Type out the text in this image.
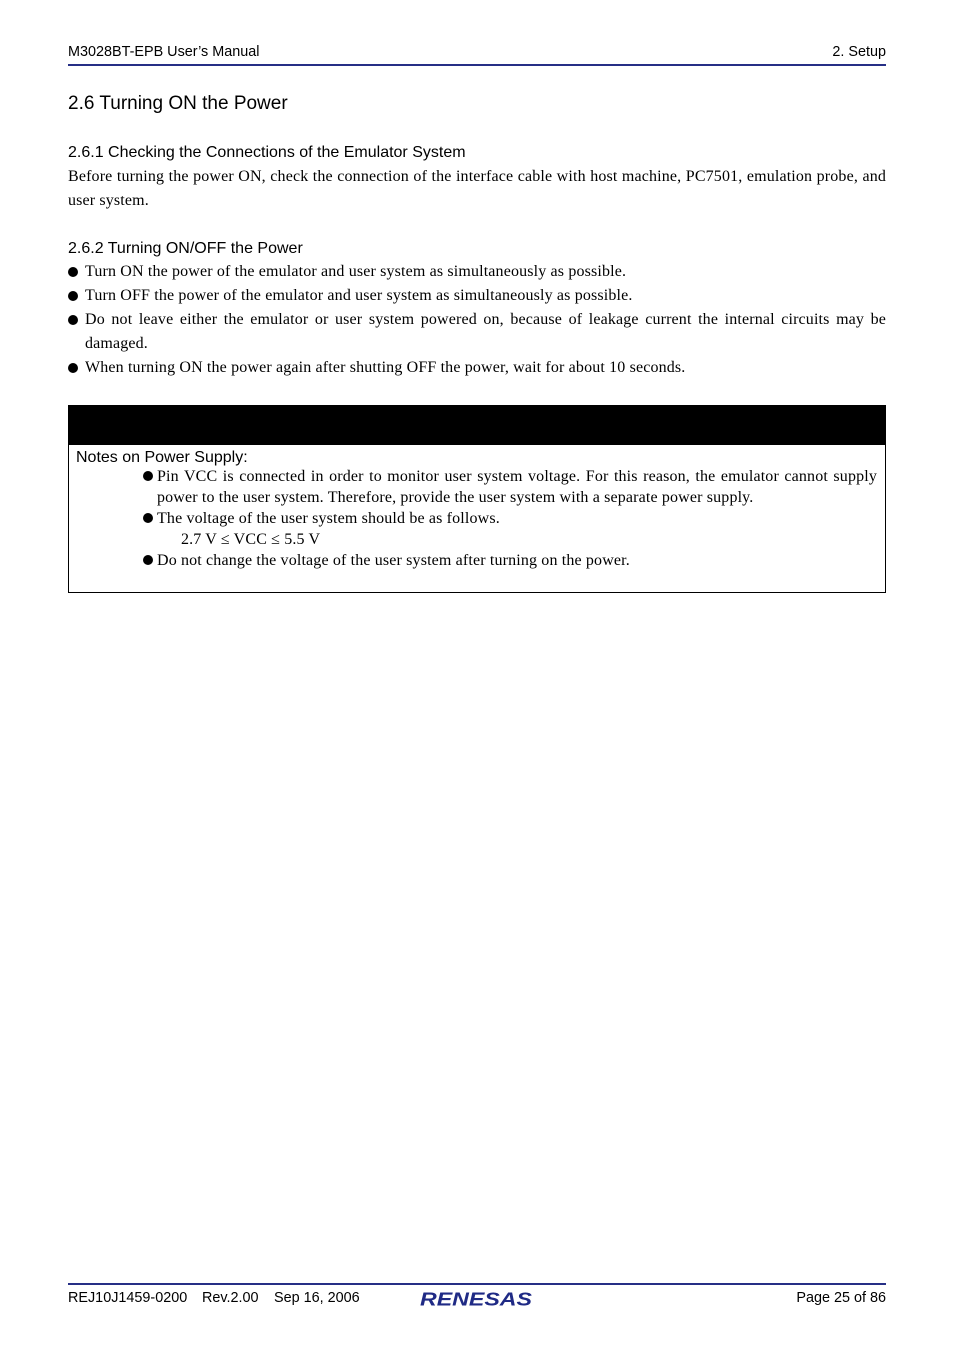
M3028BT-EPB User’s Manual	2. Setup
2.6 Turning ON the Power
2.6.1 Checking the Connections of the Emulator System

Before turning the power ON, check the connection of the interface cable with host machine, PC7501, emulation probe, and user system.

2.6.2 Turning ON/OFF the Power
Turn ON the power of the emulator and user system as simultaneously as possible.
Turn OFF the power of the emulator and user system as simultaneously as possible.
Do not leave either the emulator or user system powered on, because of leakage current the internal circuits may be damaged.
When turning ON the power again after shutting OFF the power, wait for about 10 seconds.
Notes on Power Supply:
Pin VCC is connected in order to monitor user system voltage. For this reason, the emulator cannot supply power to the user system. Therefore, provide the user system with a separate power supply.
The voltage of the user system should be as follows.
2.7 V ≤ VCC ≤ 5.5 V
Do not change the voltage of the user system after turning on the power.
REJ10J1459-0200 Rev.2.00 Sep 16, 2006	RENESAS	Page 25 of 86
